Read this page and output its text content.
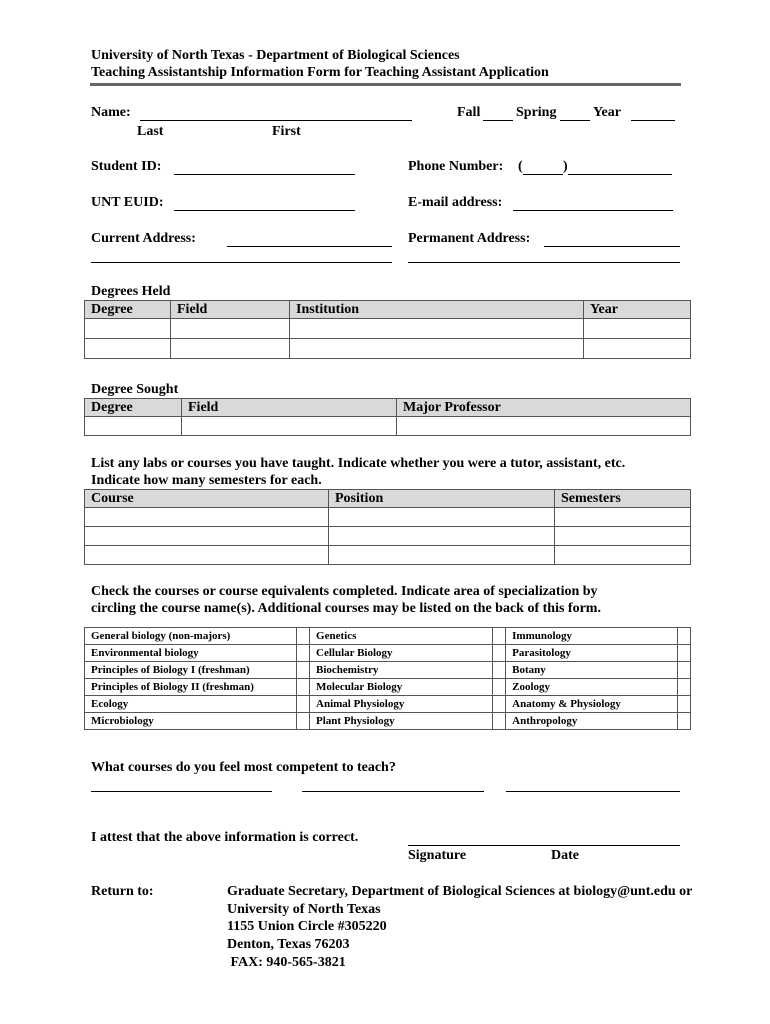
University of North Texas - Department of Biological Sciences
Teaching Assistantship Information Form for Teaching Assistant Application
Name:
Last	First
Fall	Spring	Year
Student ID:	Phone Number: (	)
UNT EUID:	E-mail address:
Current Address:	Permanent Address:
Degrees Held
Degree	Field	Institution	Year

Degree Sought
Degree	Field	Major Professor

List any labs or courses you have taught. Indicate whether you were a tutor, assistant, etc.
Indicate how many semesters for each.
Course	Position	Semesters

Check the courses or course equivalents completed. Indicate area of specialization by
circling the course name(s). Additional courses may be listed on the back of this form.
General biology (non-majors)		Genetics		Immunology	
Environmental biology		Cellular Biology		Parasitology	
Principles of Biology I (freshman)		Biochemistry		Botany	
Principles of Biology II (freshman)		Molecular Biology		Zoology	
Ecology		Animal Physiology		Anatomy & Physiology	
Microbiology		Plant Physiology		Anthropology	
What courses do you feel most competent to teach?
I attest that the above information is correct.
Signature	Date
Return to:	Graduate Secretary, Department of Biological Sciences at biology@unt.edu or
University of North Texas
1155 Union Circle #305220
Denton, Texas 76203
FAX: 940-565-3821
